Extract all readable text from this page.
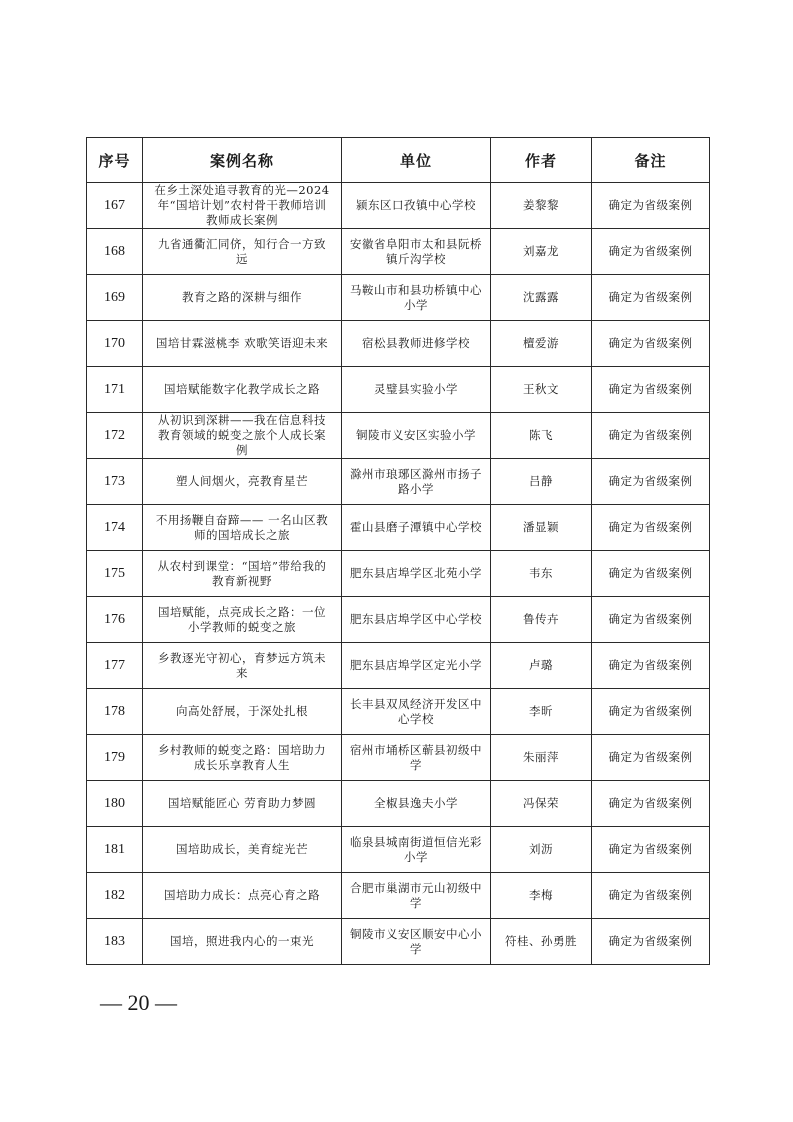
序号	案例名称	单位	作者	备注
167	在乡土深处追寻教育的光—2024年“国培计划”农村骨干教师培训教师成长案例	颍东区口孜镇中心学校	姜黎黎	确定为省级案例
168	九省通衢汇同侪，知行合一方致远	安徽省阜阳市太和县阮桥镇斤沟学校	刘嘉龙	确定为省级案例
169	教育之路的深耕与细作	马鞍山市和县功桥镇中心小学	沈露露	确定为省级案例
170	国培甘霖滋桃李 欢歌笑语迎未来	宿松县教师进修学校	檀爱游	确定为省级案例
171	国培赋能数字化教学成长之路	灵璧县实验小学	王秋文	确定为省级案例
172	从初识到深耕——我在信息科技教育领域的蜕变之旅个人成长案例	铜陵市义安区实验小学	陈飞	确定为省级案例
173	塑人间烟火，亮教育星芒	滁州市琅琊区滁州市扬子路小学	吕静	确定为省级案例
174	不用扬鞭自奋蹄—— 一名山区教师的国培成长之旅	霍山县磨子潭镇中心学校	潘显颖	确定为省级案例
175	从农村到课堂：“国培”带给我的教育新视野	肥东县店埠学区北苑小学	韦东	确定为省级案例
176	国培赋能，点亮成长之路：一位小学教师的蜕变之旅	肥东县店埠学区中心学校	鲁传卉	确定为省级案例
177	乡教逐光守初心，育梦远方筑未来	肥东县店埠学区定光小学	卢璐	确定为省级案例
178	向高处舒展，于深处扎根	长丰县双凤经济开发区中心学校	李昕	确定为省级案例
179	乡村教师的蜕变之路：国培助力成长乐享教育人生	宿州市埇桥区蕲县初级中学	朱丽萍	确定为省级案例
180	国培赋能匠心 劳育助力梦圆	全椒县逸夫小学	冯保荣	确定为省级案例
181	国培助成长，美育绽光芒	临泉县城南街道恒信光彩小学	刘沥	确定为省级案例
182	国培助力成长：点亮心育之路	合肥市巢湖市元山初级中学	李梅	确定为省级案例
183	国培，照进我内心的一束光	铜陵市义安区顺安中心小学	符桂、孙勇胜	确定为省级案例
— 20 —
